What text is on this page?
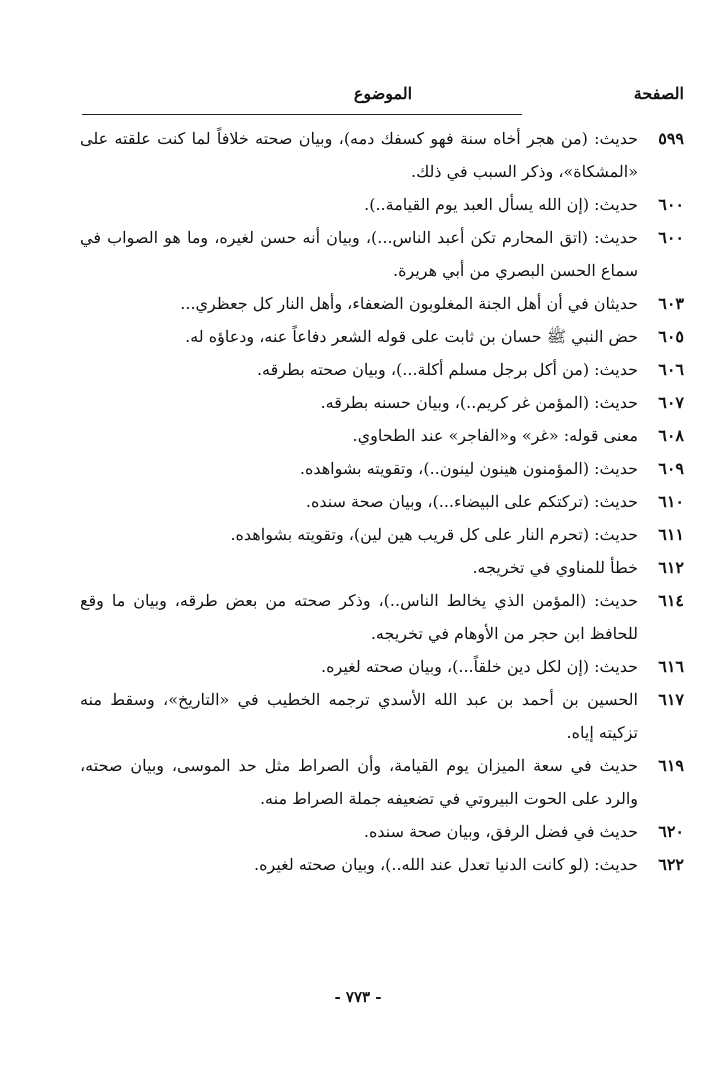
الصفحة
الموضوع
٥٩٩
حديث: (من هجر أخاه سنة فهو كسفك دمه)، وبيان صحته خلافاً لما كنت علقته على «المشكاة»، وذكر السبب في ذلك.
٦٠٠
حديث: (إن الله يسأل العبد يوم القيامة..).
٦٠٠
حديث: (اتق المحارم تكن أعبد الناس...)، وبيان أنه حسن لغيره، وما هو الصواب في سماع الحسن البصري من أبي هريرة.
٦٠٣
حديثان في أن أهل الجنة المغلوبون الضعفاء، وأهل النار كل جعظري...
٦٠٥
حض النبي ﷺ حسان بن ثابت على قوله الشعر دفاعاً عنه، ودعاؤه له.
٦٠٦
حديث: (من أكل برجل مسلم أكلة...)، وبيان صحته بطرقه.
٦٠٧
حديث: (المؤمن غر كريم..)، وبيان حسنه بطرقه.
٦٠٨
معنى قوله: «غر» و«الفاجر» عند الطحاوي.
٦٠٩
حديث: (المؤمنون هينون لينون..)، وتقويته بشواهده.
٦١٠
حديث: (تركتكم على البيضاء...)، وبيان صحة سنده.
٦١١
حديث: (تحرم النار على كل قريب هين لين)، وتقويته بشواهده.
٦١٢
خطأ للمناوي في تخريجه.
٦١٤
حديث: (المؤمن الذي يخالط الناس..)، وذكر صحته من بعض طرقه، وبيان ما وقع للحافظ ابن حجر من الأوهام في تخريجه.
٦١٦
حديث: (إن لكل دين خلقاً...)، وبيان صحته لغيره.
٦١٧
الحسين بن أحمد بن عبد الله الأسدي ترجمه الخطيب في «التاريخ»، وسقط منه تزكيته إياه.
٦١٩
حديث في سعة الميزان يوم القيامة، وأن الصراط مثل حد الموسى، وبيان صحته، والرد على الحوت البيروتي في تضعيفه جملة الصراط منه.
٦٢٠
حديث في فضل الرفق، وبيان صحة سنده.
٦٢٢
حديث: (لو كانت الدنيا تعدل عند الله..)، وبيان صحته لغيره.
- ٧٧٣ -
